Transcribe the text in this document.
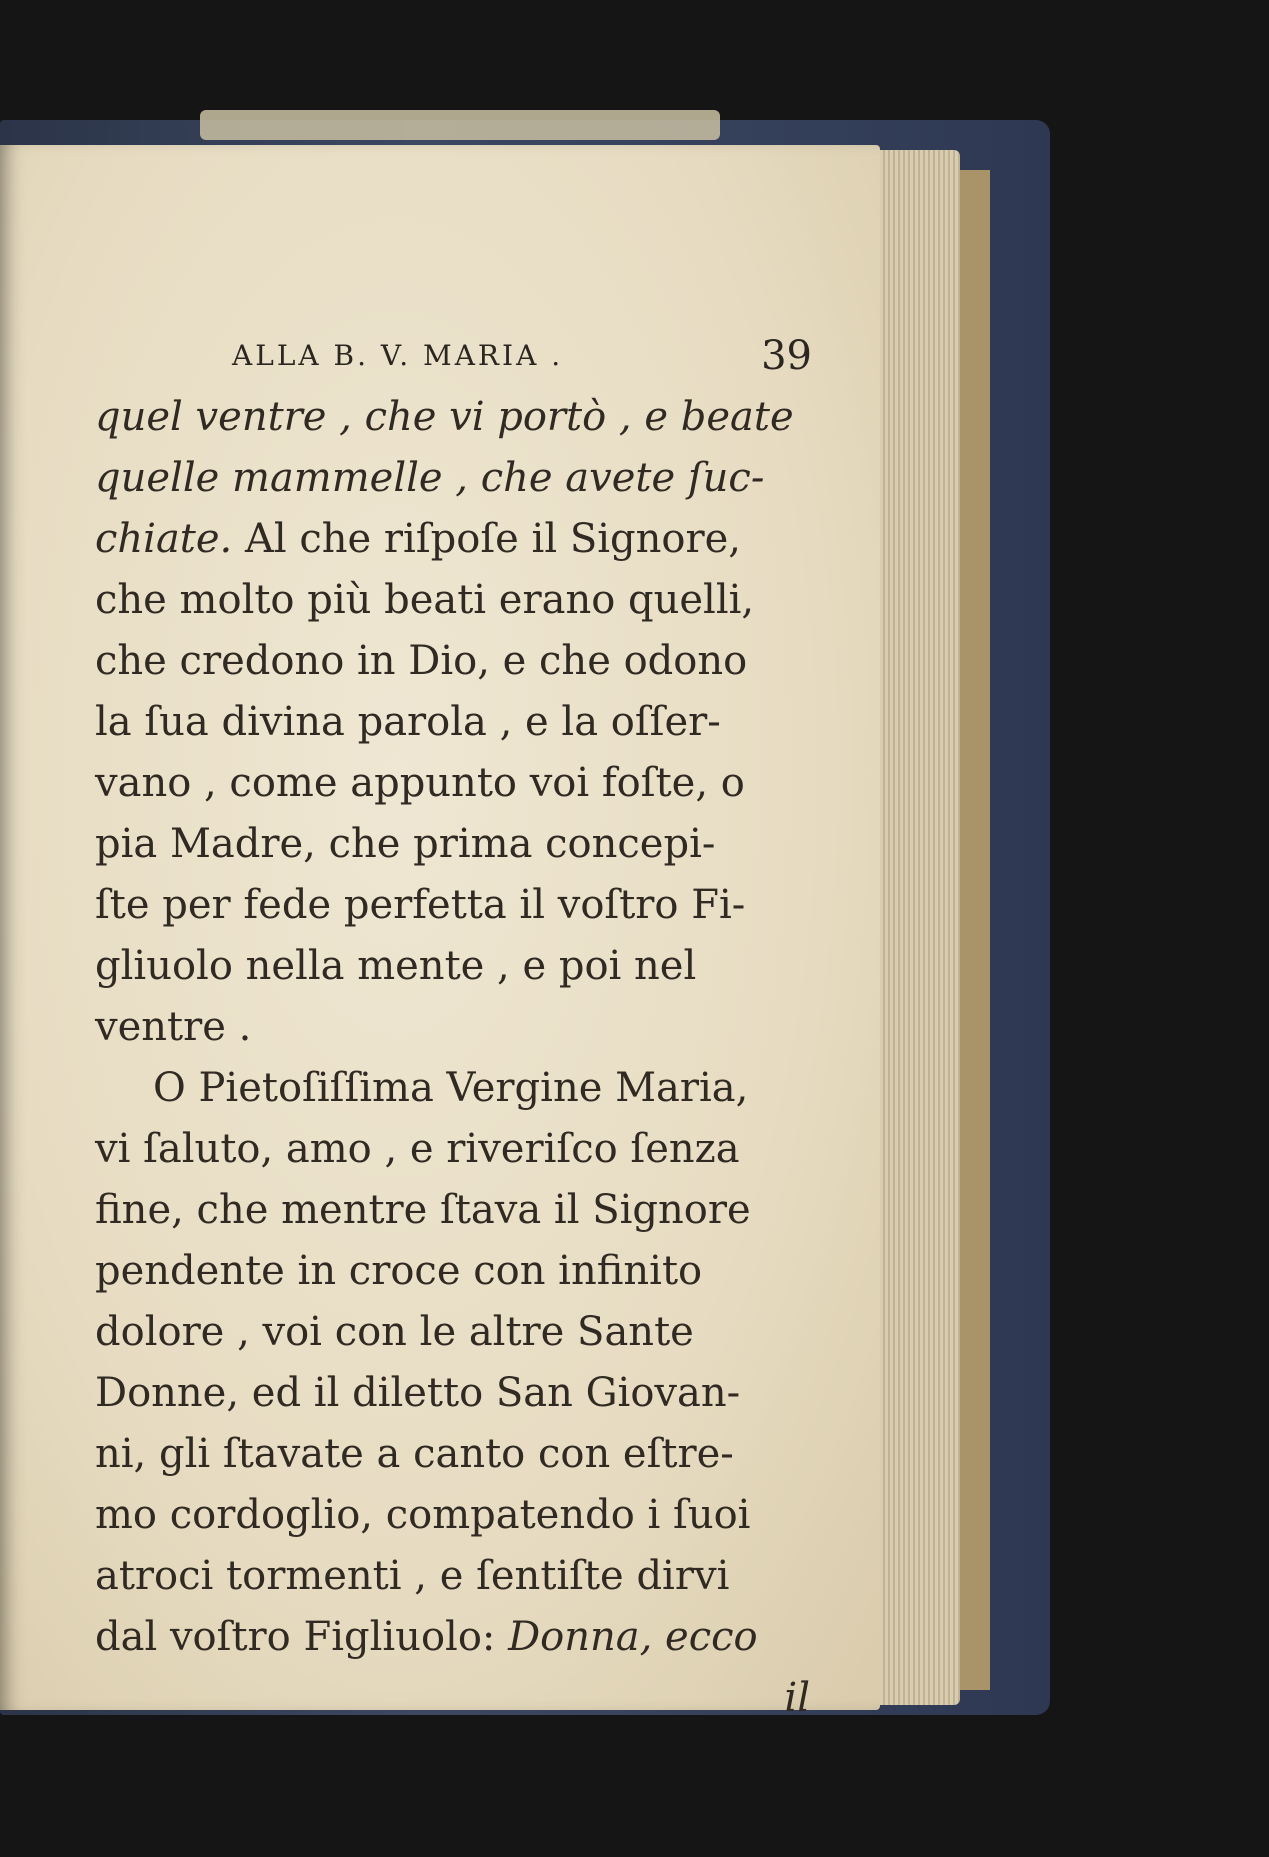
ALLA B. V. MARIA .	39
quel ventre , che vi portò , e beate
quelle mammelle , che avete ſuc-
chiate. Al che riſpoſe il Signore,
che molto più beati erano quelli,
che credono in Dio, e che odono
la ſua divina parola , e la oſſer-
vano , come appunto voi foſte, o
pia Madre, che prima concepi-
ſte per fede perfetta il voſtro Fi-
gliuolo nella mente , e poi nel
ventre .
O Pietoſiſſima Vergine Maria,
vi ſaluto, amo , e riveriſco ſenza
fine, che mentre ſtava il Signore
pendente in croce con infinito
dolore , voi con le altre Sante
Donne, ed il diletto San Giovan-
ni, gli ſtavate a canto con eſtre-
mo cordoglio, compatendo i ſuoi
atroci tormenti , e ſentiſte dirvi
dal voſtro Figliuolo: Donna, ecco
il
